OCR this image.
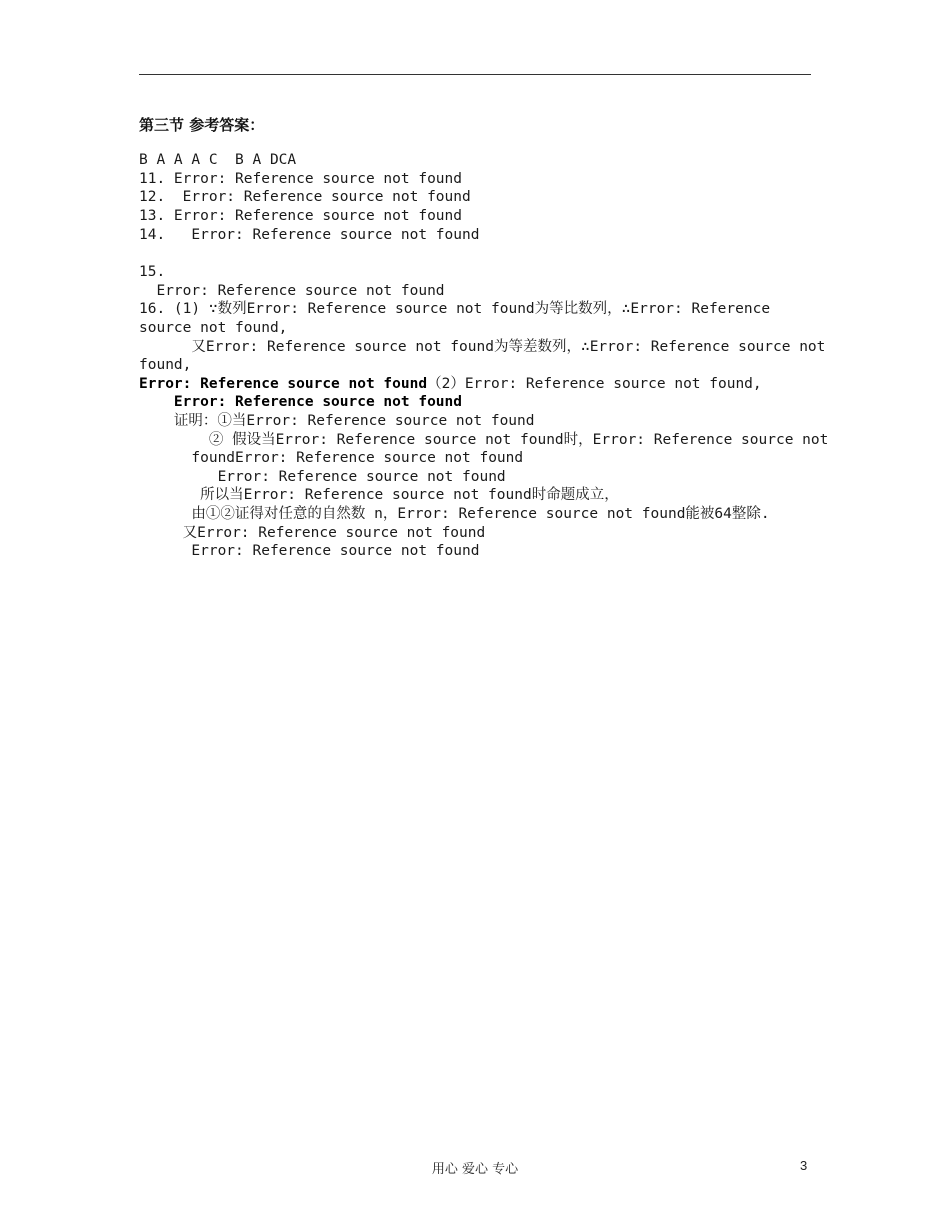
第三节 参考答案：
B A A A C  B A DCA
11. Error: Reference source not found
12.  Error: Reference source not found
13. Error: Reference source not found
14.   Error: Reference source not found
15.
Error: Reference source not found
16. (1) ∵数列Error: Reference source not found为等比数列，∴Error: Reference
source not found,
又Error: Reference source not found为等差数列，∴Error: Reference source not
found,
Error: Reference source not found（2）Error: Reference source not found,
Error: Reference source not found
证明：①当Error: Reference source not found
② 假设当Error: Reference source not found时，Error: Reference source not
foundError: Reference source not found
Error: Reference source not found
所以当Error: Reference source not found时命题成立，
由①②证得对任意的自然数 n，Error: Reference source not found能被64整除.
又Error: Reference source not found
Error: Reference source not found
用心 爱心 专心	3
